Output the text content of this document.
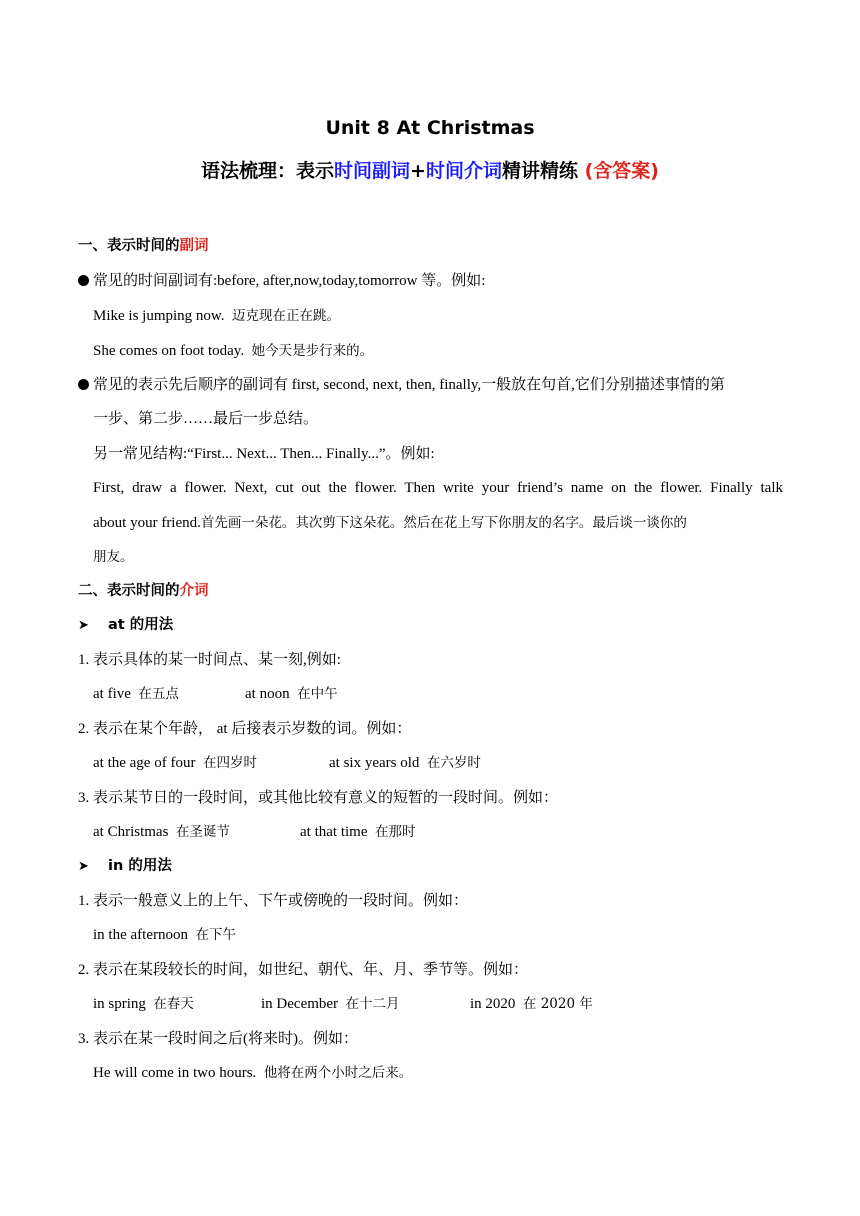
Unit 8 At Christmas
语法梳理：表示时间副词+时间介词精讲精练 (含答案)
一、表示时间的副词
常见的时间副词有:before, after,now,today,tomorrow 等。例如:
Mike is jumping now. 迈克现在正在跳。
She comes on foot today. 她今天是步行来的。
常见的表示先后顺序的副词有 first, second, next, then, finally,一般放在句首,它们分别描述事情的第
一步、第二步……最后一步总结。
另一常见结构:“First... Next... Then... Finally...”。例如:
First, draw a flower. Next, cut out the flower. Then write your friend’s name on the flower. Finally talk
about your friend.首先画一朵花。其次剪下这朵花。然后在花上写下你朋友的名字。最后谈一谈你的
朋友。
二、表示时间的介词
➤ at 的用法
1. 表示具体的某一时间点、某一刻,例如:
at five 在五点	at noon 在中午
2. 表示在某个年龄， at 后接表示岁数的词。例如：
at the age of four 在四岁时	at six years old 在六岁时
3. 表示某节日的一段时间，或其他比较有意义的短暂的一段时间。例如：
at Christmas 在圣诞节	at that time 在那时
➤ in 的用法
1. 表示一般意义上的上午、下午或傍晚的一段时间。例如：
in the afternoon 在下午
2. 表示在某段较长的时间，如世纪、朝代、年、月、季节等。例如：
in spring 在春天	in December 在十二月	in 2020 在 2020 年
3. 表示在某一段时间之后(将来时)。例如：
He will come in two hours. 他将在两个小时之后来。
